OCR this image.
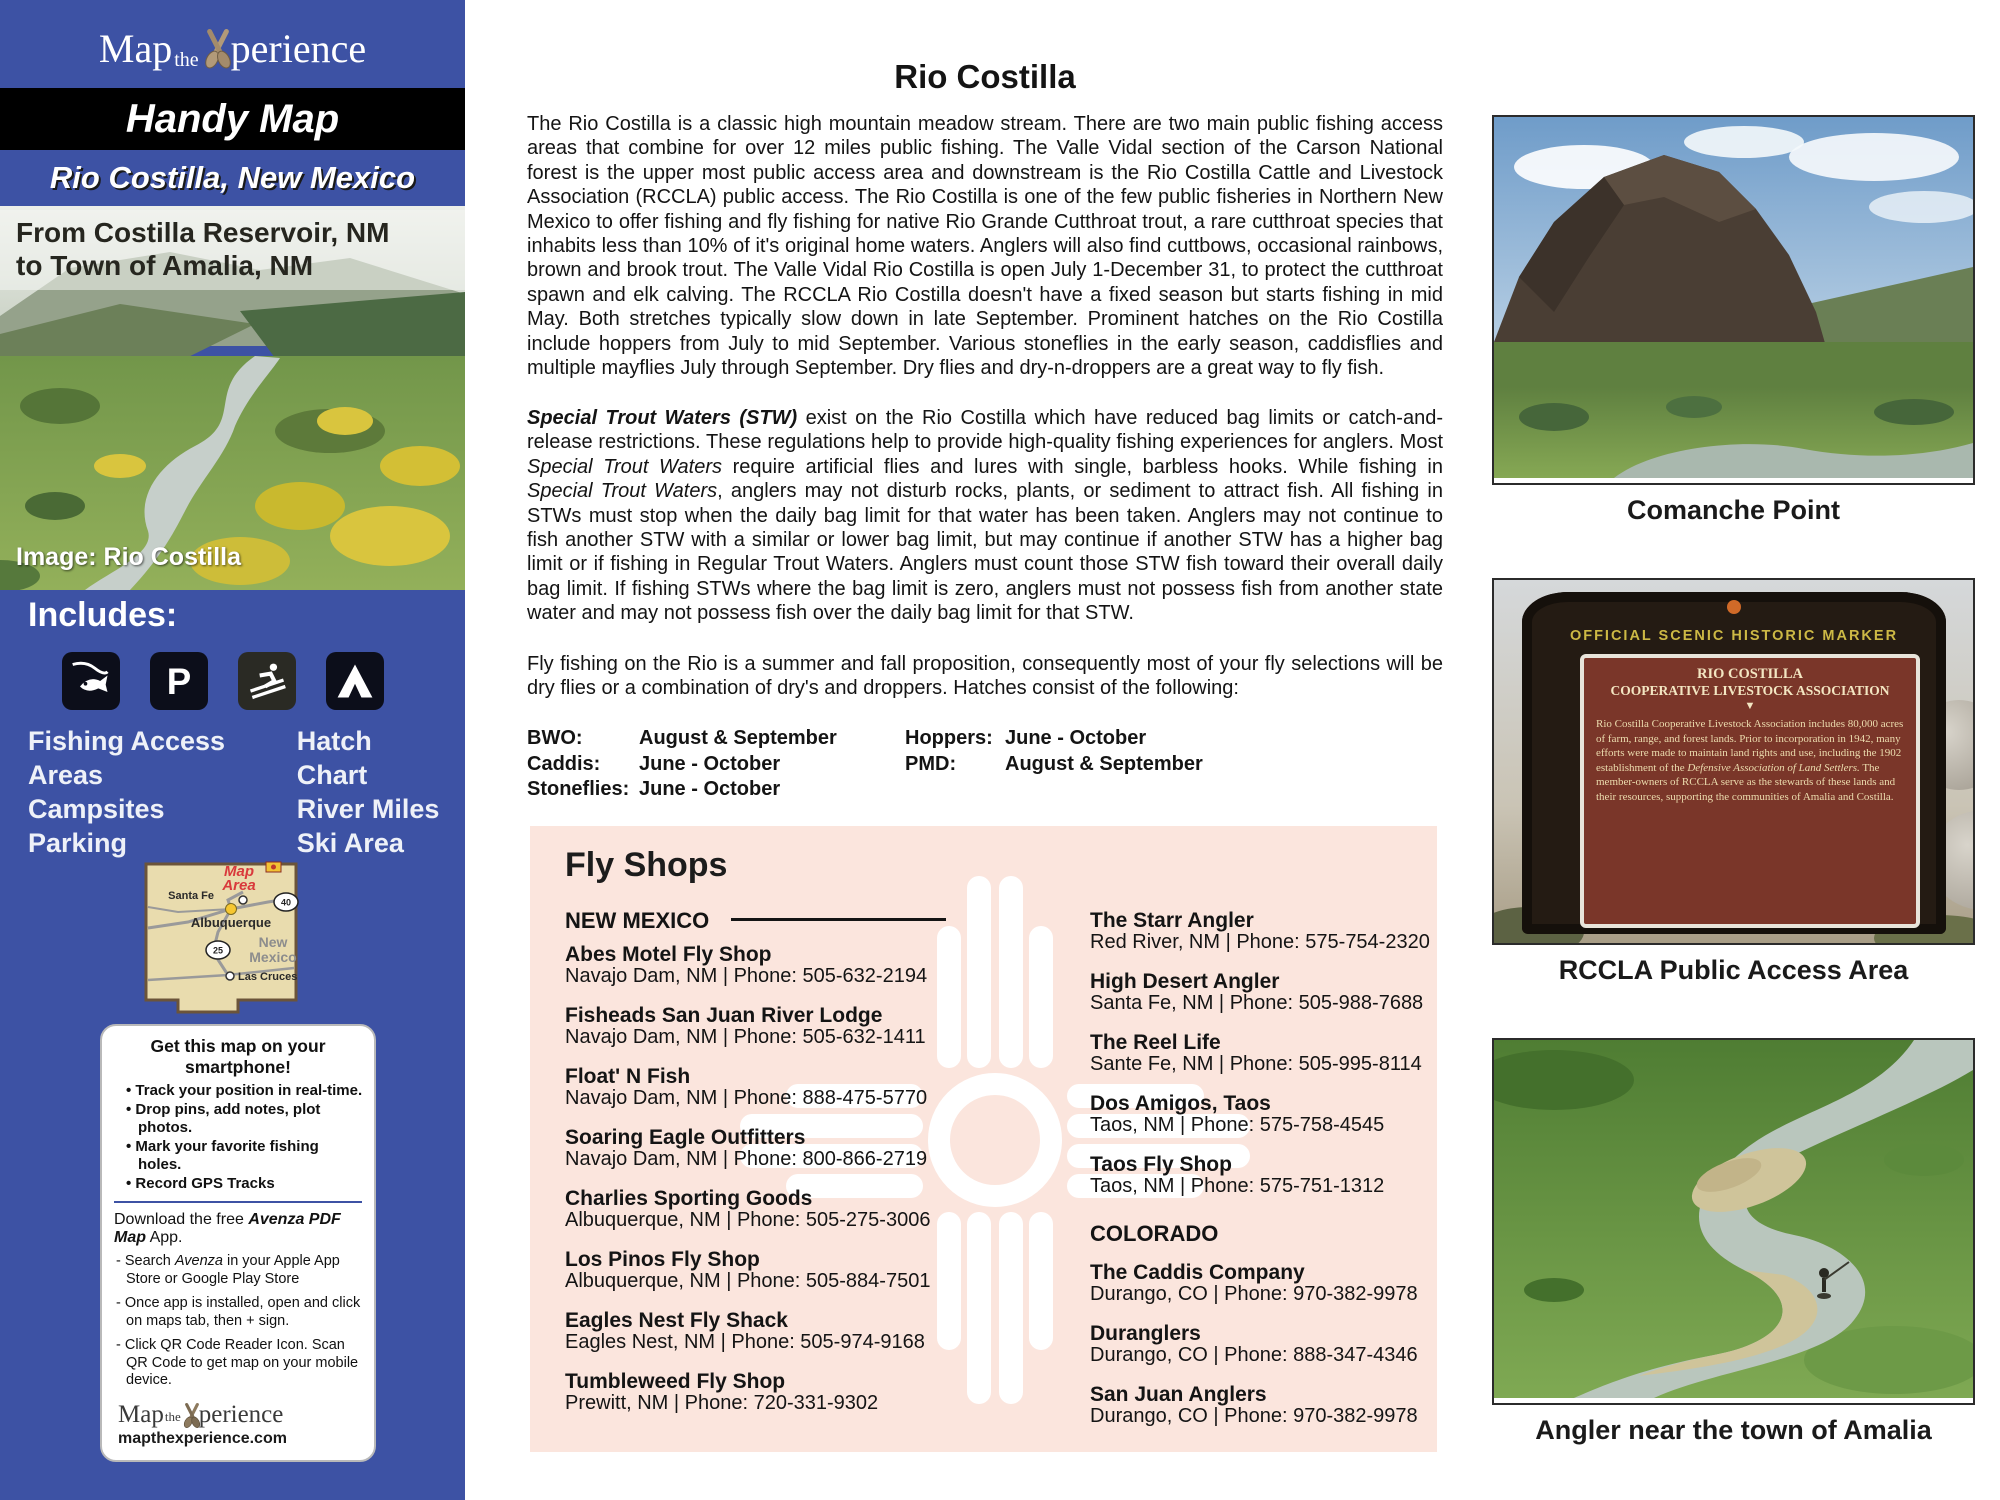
Map the perience
Handy Map
Rio Costilla, New Mexico
From Costilla Reservoir, NM
to Town of Amalia, NM
Image: Rio Costilla
Includes:
P
Fishing Access Areas
Campsites
Parking
Hatch Chart
River Miles
Ski Area
Map
Area
Santa Fe
Albuquerque
40
25
New
Mexico
Las Cruces
Get this map on your smartphone!
• Track your position in real-time.
• Drop pins, add notes, plot photos.
• Mark your favorite fishing holes.
• Record GPS Tracks
Download the free Avenza PDF Map App.
- Search Avenza in your Apple App Store or Google Play Store
- Once app is installed, open and click on maps tab, then + sign.
- Click QR Code Reader Icon. Scan QR Code to get map on your mobile device.
Map the perience
mapthexperience.com
Rio Costilla

The Rio Costilla is a classic high mountain meadow stream. There are two main public fishing access areas that combine for over 12 miles public fishing. The Valle Vidal section of the Carson National forest is the upper most public access area and downstream is the Rio Costilla Cattle and Livestock Association (RCCLA) public access. The Rio Costilla is one of the few public fisheries in Northern New Mexico to offer fishing and fly fishing for native Rio Grande Cutthroat trout, a rare cutthroat species that inhabits less than 10% of it's original home waters. Anglers will also find cuttbows, occasional rainbows, brown and brook trout. The Valle Vidal Rio Costilla is open July 1-December 31, to protect the cutthroat spawn and elk calving. The RCCLA Rio Costilla doesn't have a fixed season but starts fishing in mid May. Both stretches typically slow down in late September. Prominent hatches on the Rio Costilla include hoppers from July to mid September. Various stoneflies in the early season, caddisflies and multiple mayflies July through September. Dry flies and dry-n-droppers are a great way to fly fish.

Special Trout Waters (STW) exist on the Rio Costilla which have reduced bag limits or catch-and-release restrictions. These regulations help to provide high-quality fishing experiences for anglers. Most Special Trout Waters require artificial flies and lures with single, barbless hooks. While fishing in Special Trout Waters, anglers may not disturb rocks, plants, or sediment to attract fish. All fishing in STWs must stop when the daily bag limit for that water has been taken. Anglers may not continue to fish another STW with a similar or lower bag limit, but may continue if another STW has a higher bag limit or if fishing in Regular Trout Waters. Anglers must count those STW fish toward their overall daily bag limit. If fishing STWs where the bag limit is zero, anglers must not possess fish from another state water and may not possess fish over the daily bag limit for that STW.

Fly fishing on the Rio is a summer and fall proposition, consequently most of your fly selections will be dry flies or a combination of dry's and droppers. Hatches consist of the following:

BWO:	August & September
Caddis:	June - October
Stoneflies: June - October
Hoppers: June - October
PMD:	August & September
Fly Shops
NEW MEXICO
Abes Motel Fly Shop
Navajo Dam, NM | Phone: 505-632-2194
Fisheads San Juan River Lodge
Navajo Dam, NM | Phone: 505-632-1411
Float' N Fish
Navajo Dam, NM | Phone: 888-475-5770
Soaring Eagle Outfitters
Navajo Dam, NM | Phone: 800-866-2719
Charlies Sporting Goods
Albuquerque, NM | Phone: 505-275-3006
Los Pinos Fly Shop
Albuquerque, NM | Phone: 505-884-7501
Eagles Nest Fly Shack
Eagles Nest, NM | Phone: 505-974-9168
Tumbleweed Fly Shop
Prewitt, NM | Phone: 720-331-9302
The Starr Angler
Red River, NM | Phone: 575-754-2320
High Desert Angler
Santa Fe, NM | Phone: 505-988-7688
The Reel Life
Sante Fe, NM | Phone: 505-995-8114
Dos Amigos, Taos
Taos, NM | Phone: 575-758-4545
Taos Fly Shop
Taos, NM | Phone: 575-751-1312
COLORADO
The Caddis Company
Durango, CO | Phone: 970-382-9978
Duranglers
Durango, CO | Phone: 888-347-4346
San Juan Anglers
Durango, CO | Phone: 970-382-9978
Comanche Point
OFFICIAL SCENIC HISTORIC MARKER
RIO COSTILLA
COOPERATIVE LIVESTOCK ASSOCIATION
▼
Rio Costilla Cooperative Livestock Association includes 80,000 acres of farm, range, and forest lands. Prior to incorporation in 1942, many efforts were made to maintain land rights and use, including the 1902 establishment of the Defensive Association of Land Settlers. The member-owners of RCCLA serve as the stewards of these lands and their resources, supporting the communities of Amalia and Costilla.
RCCLA Public Access Area
Angler near the town of Amalia
